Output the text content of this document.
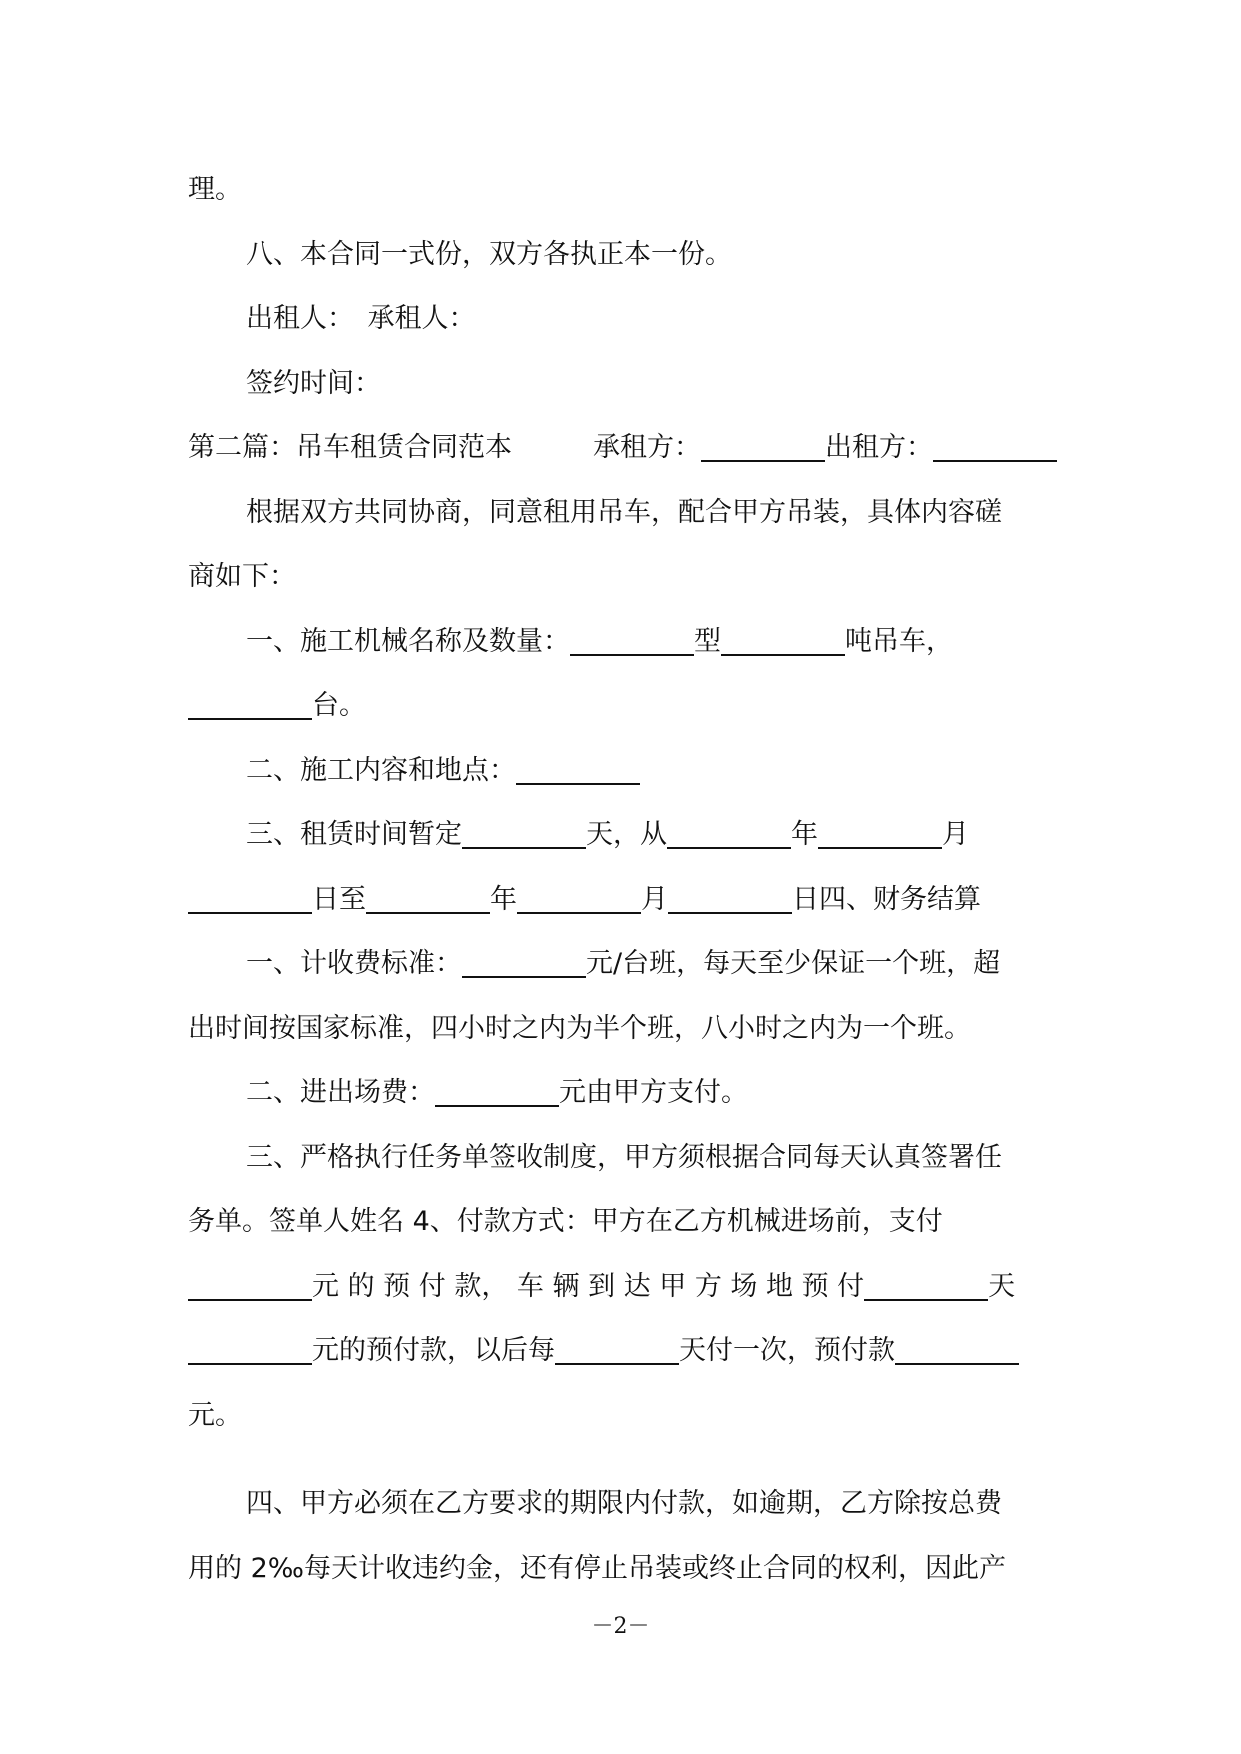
理。

八、本合同一式份，双方各执正本一份。

出租人：　承租人：

签约时间：

第二篇：吊车租赁合同范本　　　承租方：	出租方：

根据双方共同协商，同意租用吊车，配合甲方吊装，具体内容磋

商如下：

一、施工机械名称及数量：	型	吨吊车，

台。

二、施工内容和地点：

三、租赁时间暂定	天，从	年	月

日至	年	月	日四、财务结算

一、计收费标准：	元/台班，每天至少保证一个班，超

出时间按国家标准，四小时之内为半个班，八小时之内为一个班。

二、进出场费：	元由甲方支付。

三、严格执行任务单签收制度，甲方须根据合同每天认真签署任

务单。签单人姓名 4、付款方式：甲方在乙方机械进场前，支付

元 的 预 付 款， 车 辆 到 达 甲 方 场 地 预 付	天

元的预付款，以后每	天付一次，预付款

元。

四、甲方必须在乙方要求的期限内付款，如逾期，乙方除按总费

用的 2‰每天计收违约金，还有停止吊装或终止合同的权利，因此产

－2－
